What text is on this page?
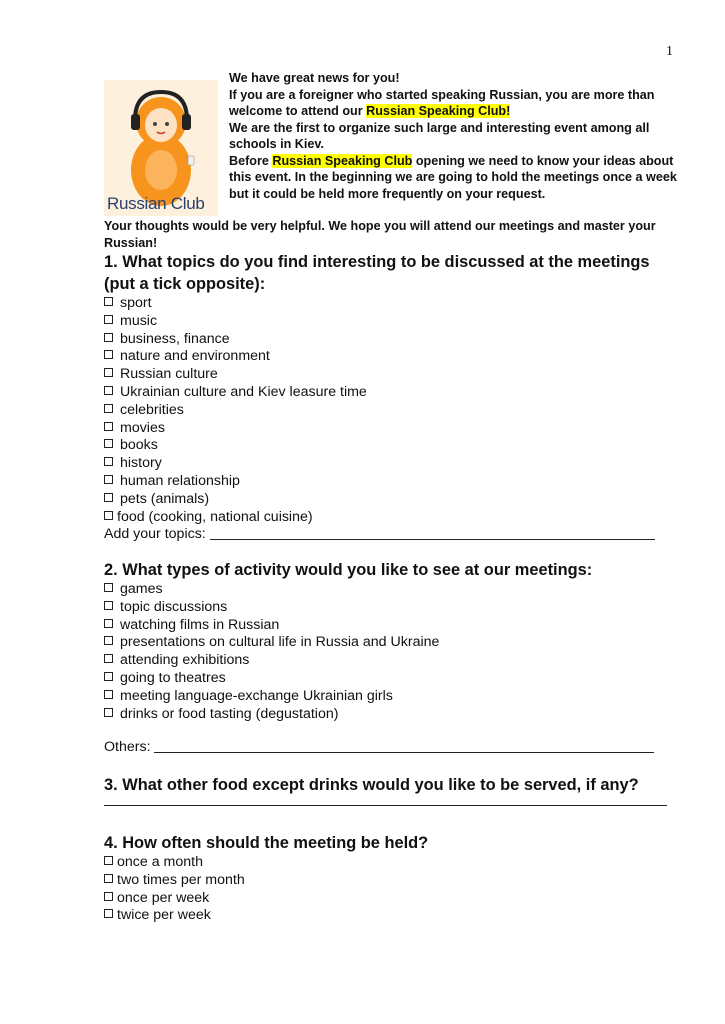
1
Russian Club

We have great news for you!

If you are a foreigner who started speaking Russian, you are more than welcome to attend our Russian Speaking Club!

We are the first to organize such large and interesting event among all schools in Kiev.

Before Russian Speaking Club opening we need to know your ideas about this event. In the beginning we are going to hold the meetings once a week but it could be held more frequently on your request.

Your thoughts would be very helpful. We hope you will attend our meetings and master your Russian!

1. What topics do you find interesting to be discussed at the meetings (put a tick opposite):
sport
music
business, finance
nature and environment
Russian culture
Ukrainian culture and Kiev leasure time
celebrities
movies
books
history
human relationship
pets (animals)
food (cooking, national cuisine)
Add your topics:
2. What types of activity would you like to see at our meetings:
games
topic discussions
watching films in Russian
presentations on cultural life in Russia and Ukraine
attending exhibitions
going to theatres
meeting language-exchange Ukrainian girls
drinks or food tasting (degustation)
Others:
3. What other food except drinks would you like to be served, if any?
4. How often should the meeting be held?
once a month
two times per month
once per week
twice per week
